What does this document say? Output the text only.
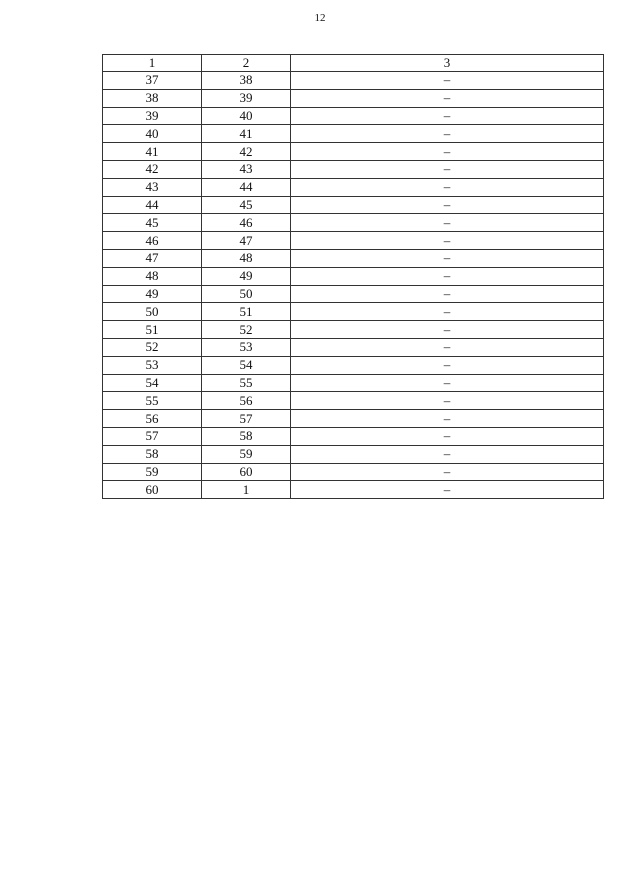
12
1	2	3
37	38	–
38	39	–
39	40	–
40	41	–
41	42	–
42	43	–
43	44	–
44	45	–
45	46	–
46	47	–
47	48	–
48	49	–
49	50	–
50	51	–
51	52	–
52	53	–
53	54	–
54	55	–
55	56	–
56	57	–
57	58	–
58	59	–
59	60	–
60	1	–
